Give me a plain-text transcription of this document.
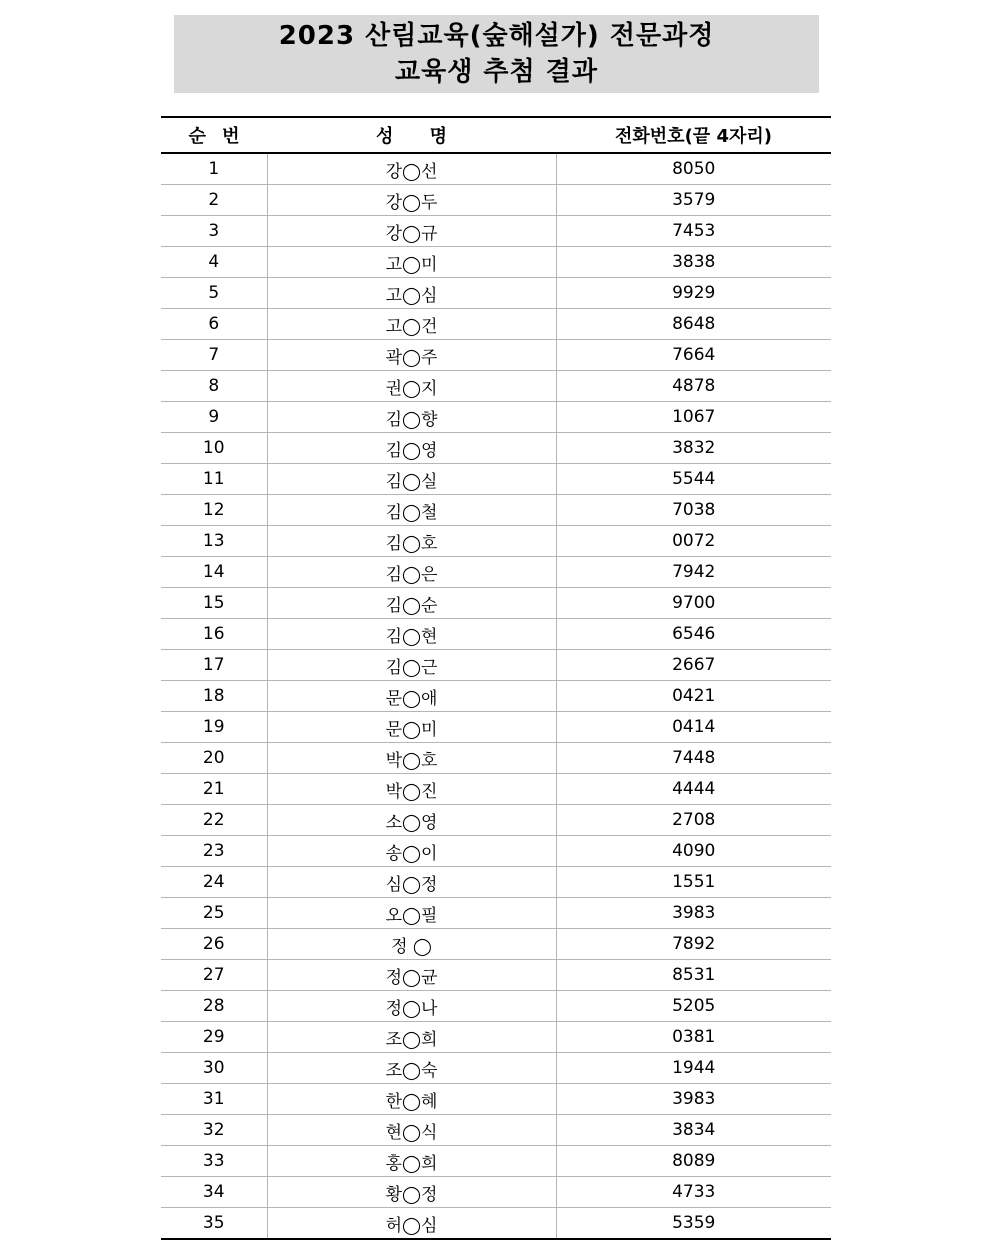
2023 산림교육(숲해설가) 전문과정
교육생 추첨 결과
순 번	성 명	전화번호(끝 4자리)
1	강◯선	8050
2	강◯두	3579
3	강◯규	7453
4	고◯미	3838
5	고◯심	9929
6	고◯건	8648
7	곽◯주	7664
8	권◯지	4878
9	김◯향	1067
10	김◯영	3832
11	김◯실	5544
12	김◯철	7038
13	김◯호	0072
14	김◯은	7942
15	김◯순	9700
16	김◯현	6546
17	김◯근	2667
18	문◯애	0421
19	문◯미	0414
20	박◯호	7448
21	박◯진	4444
22	소◯영	2708
23	송◯이	4090
24	심◯정	1551
25	오◯필	3983
26	정 ◯	7892
27	정◯균	8531
28	정◯나	5205
29	조◯희	0381
30	조◯숙	1944
31	한◯혜	3983
32	현◯식	3834
33	홍◯희	8089
34	황◯정	4733
35	허◯심	5359
